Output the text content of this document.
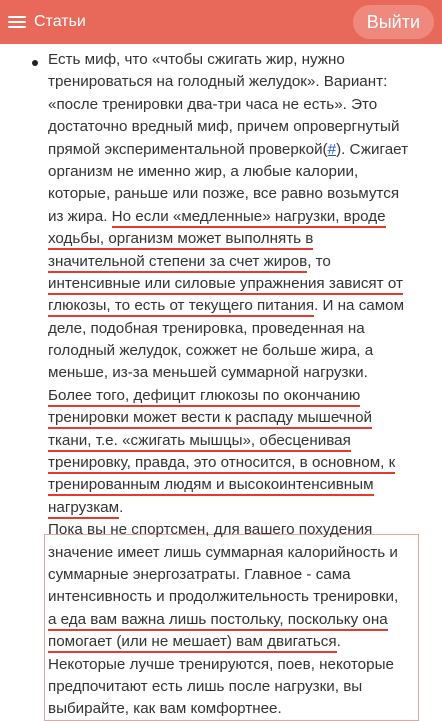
Статьи	Выйти
Есть миф, что «чтобы сжигать жир, нужно
тренироваться на голодный желудок». Вариант:
«после тренировки два-три часа не есть». Это
достаточно вредный миф, причем опровергнутый
прямой экспериментальной проверкой(#). Сжигает
организм не именно жир, а любые калории,
которые, раньше или позже, все равно возьмутся
из жира. Но если «медленные» нагрузки, вроде
ходьбы, организм может выполнять в
значительной степени за счет жиров, то
интенсивные или силовые упражнения зависят от
глюкозы, то есть от текущего питания. И на самом
деле, подобная тренировка, проведенная на
голодный желудок, сожжет не больше жира, а
меньше, из-за меньшей суммарной нагрузки.
Более того, дефицит глюкозы по окончанию
тренировки может вести к распаду мышечной
ткани, т.е. «сжигать мышцы», обесценивая
тренировку, правда, это относится, в основном, к
тренированным людям и высокоинтенсивным
нагрузкам.
Пока вы не спортсмен, для вашего похудения
значение имеет лишь суммарная калорийность и
суммарные энергозатраты. Главное - сама
интенсивность и продолжительность тренировки,
а еда вам важна лишь постольку, поскольку она
помогает (или не мешает) вам двигаться.
Некоторые лучше тренируются, поев, некоторые
предпочитают есть лишь после нагрузки, вы
выбирайте, как вам комфортнее.
